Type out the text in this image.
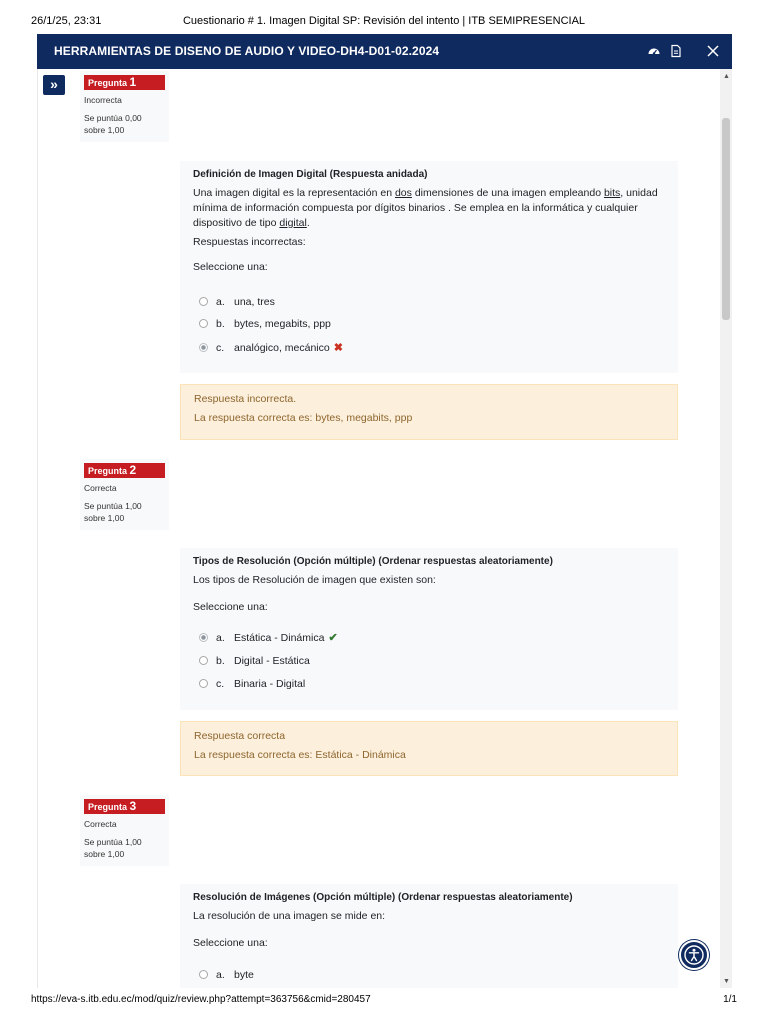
26/1/25, 23:31	Cuestionario # 1. Imagen Digital SP: Revisión del intento | ITB SEMIPRESENCIAL
HERRAMIENTAS DE DISENO DE AUDIO Y VIDEO-DH4-D01-02.2024
▲
▼
»	Pregunta 1
Incorrecta
Se puntúa 0,00 sobre 1,00
Definición de Imagen Digital (Respuesta anidada)
Una imagen digital es la representación en dos dimensiones de una imagen empleando bits, unidad mínima de información compuesta por dígitos binarios . Se emplea en la informática y cualquier dispositivo de tipo digital.
Respuestas incorrectas:
Seleccione una:
a. una, tres
b. bytes, megabits, ppp
c. analógico, mecánico ✖
Respuesta incorrecta.
La respuesta correcta es: bytes, megabits, ppp
Pregunta 2
Correcta
Se puntúa 1,00 sobre 1,00
Tipos de Resolución (Opción múltiple) (Ordenar respuestas aleatoriamente)
Los tipos de Resolución de imagen que existen son:
Seleccione una:
a. Estática - Dinámica ✔
b. Digital - Estática
c. Binaria - Digital
Respuesta correcta
La respuesta correcta es: Estática - Dinámica
Pregunta 3
Correcta
Se puntúa 1,00 sobre 1,00
Resolución de Imágenes (Opción múltiple) (Ordenar respuestas aleatoriamente)
La resolución de una imagen se mide en:
Seleccione una:
a. byte
https://eva-s.itb.edu.ec/mod/quiz/review.php?attempt=363756&cmid=280457	1/1
